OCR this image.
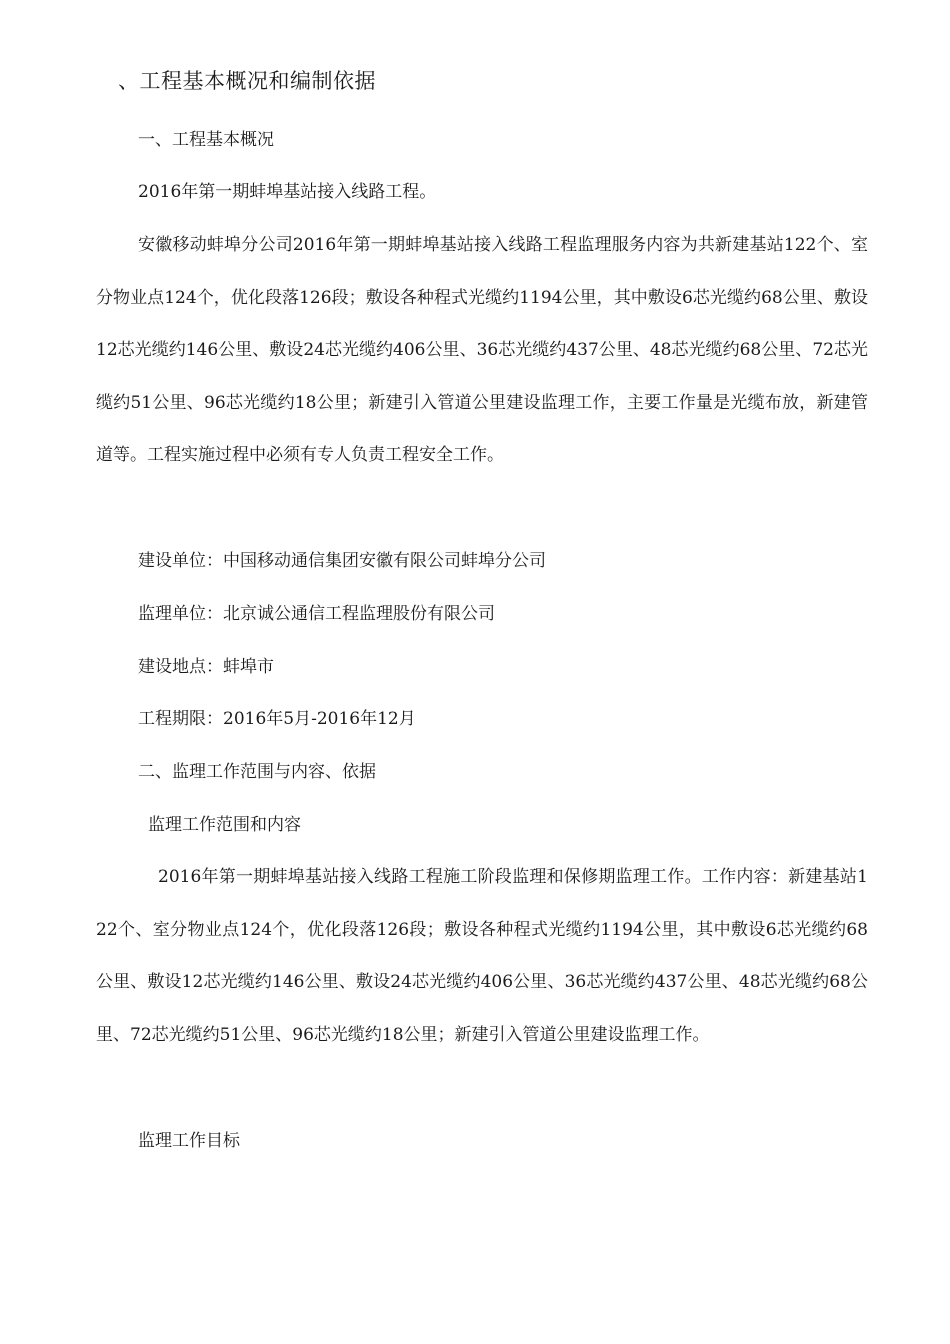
、工程基本概况和编制依据

一、工程基本概况

2016年第一期蚌埠基站接入线路工程。

安徽移动蚌埠分公司2016年第一期蚌埠基站接入线路工程监理服务内容为共新建基站122个、室分物业点124个，优化段落126段；敷设各种程式光缆约1194公里，其中敷设6芯光缆约68公里、敷设12芯光缆约146公里、敷设24芯光缆约406公里、36芯光缆约437公里、48芯光缆约68公里、72芯光缆约51公里、96芯光缆约18公里；新建引入管道公里建设监理工作，主要工作量是光缆布放，新建管道等。工程实施过程中必须有专人负责工程安全工作。

建设单位：中国移动通信集团安徽有限公司蚌埠分公司

监理单位：北京诚公通信工程监理股份有限公司

建设地点：蚌埠市

工程期限：2016年5月-2016年12月

二、监理工作范围与内容、依据

监理工作范围和内容

2016年第一期蚌埠基站接入线路工程施工阶段监理和保修期监理工作。工作内容：新建基站122个、室分物业点124个，优化段落126段；敷设各种程式光缆约1194公里，其中敷设6芯光缆约68公里、敷设12芯光缆约146公里、敷设24芯光缆约406公里、36芯光缆约437公里、48芯光缆约68公里、72芯光缆约51公里、96芯光缆约18公里；新建引入管道公里建设监理工作。

监理工作目标
